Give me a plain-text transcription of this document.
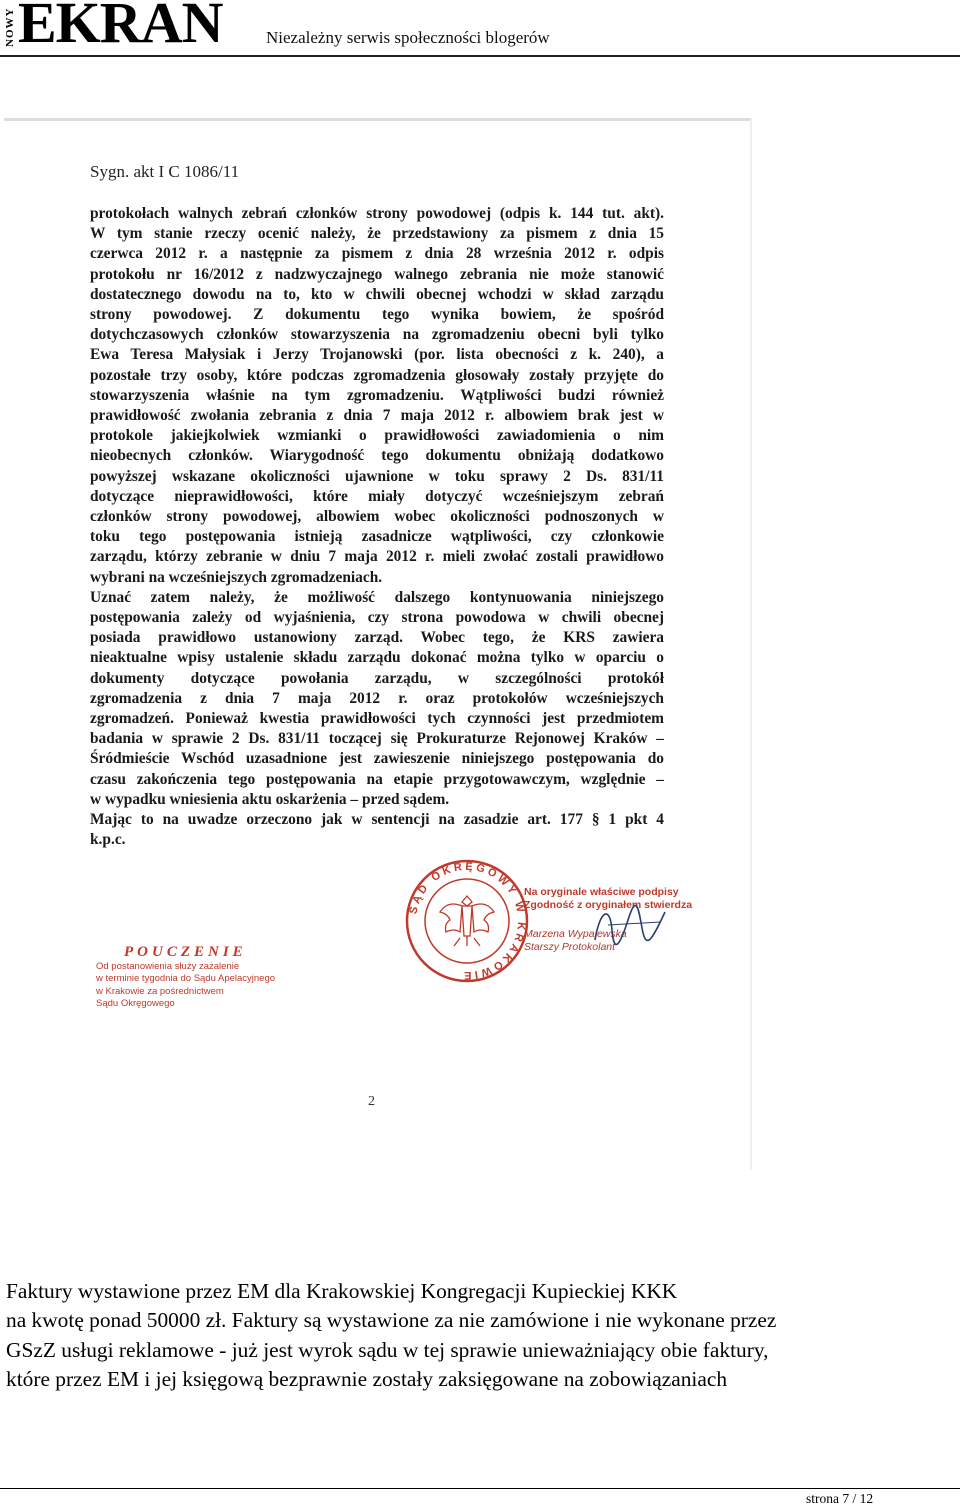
NOWY EKRAN	Niezależny serwis społeczności blogerów
Sygn. akt I C 1086/11
protokołach walnych zebrań członków strony powodowej (odpis k. 144 tut. akt).
W tym stanie rzeczy ocenić należy, że przedstawiony za pismem z dnia 15
czerwca 2012 r. a następnie za pismem z dnia 28 września 2012 r. odpis
protokołu nr 16/2012 z nadzwyczajnego walnego zebrania nie może stanowić
dostatecznego dowodu na to, kto w chwili obecnej wchodzi w skład zarządu
strony powodowej. Z dokumentu tego wynika bowiem, że spośród
dotychczasowych członków stowarzyszenia na zgromadzeniu obecni byli tylko
Ewa Teresa Małysiak i Jerzy Trojanowski (por. lista obecności z k. 240), a
pozostałe trzy osoby, które podczas zgromadzenia głosowały zostały przyjęte do
stowarzyszenia właśnie na tym zgromadzeniu. Wątpliwości budzi również
prawidłowość zwołania zebrania z dnia 7 maja 2012 r. albowiem brak jest w
protokole jakiejkolwiek wzmianki o prawidłowości zawiadomienia o nim
nieobecnych członków. Wiarygodność tego dokumentu obniżają dodatkowo
powyższej wskazane okoliczności ujawnione w toku sprawy 2 Ds. 831/11
dotyczące nieprawidłowości, które miały dotyczyć wcześniejszym zebrań
członków strony powodowej, albowiem wobec okoliczności podnoszonych w
toku tego postępowania istnieją zasadnicze wątpliwości, czy członkowie
zarządu, którzy zebranie w dniu 7 maja 2012 r. mieli zwołać zostali prawidłowo
wybrani na wcześniejszych zgromadzeniach.
Uznać zatem należy, że możliwość dalszego kontynuowania niniejszego
postępowania zależy od wyjaśnienia, czy strona powodowa w chwili obecnej
posiada prawidłowo ustanowiony zarząd. Wobec tego, że KRS zawiera
nieaktualne wpisy ustalenie składu zarządu dokonać można tylko w oparciu o
dokumenty dotyczące powołania zarządu, w szczególności protokół
zgromadzenia z dnia 7 maja 2012 r. oraz protokołów wcześniejszych
zgromadzeń. Ponieważ kwestia prawidłowości tych czynności jest przedmiotem
badania w sprawie 2 Ds. 831/11 toczącej się Prokuraturze Rejonowej Kraków –
Śródmieście Wschód uzasadnione jest zawieszenie niniejszego postępowania do
czasu zakończenia tego postępowania na etapie przygotowawczym, względnie –
w wypadku wniesienia aktu oskarżenia – przed sądem.
Mając to na uwadze orzeczono jak w sentencji na zasadzie art. 177 § 1 pkt 4
k.p.c.
SĄD OKRĘGOWY W KRAKOWIE
Na oryginale właściwe podpisy
Zgodność z oryginałem stwierdza
Marzena Wypalewska
Starszy Protokolant
POUCZENIE
Od postanowienia służy zażalenie
w terminie tygodnia do Sądu Apelacyjnego
w Krakowie za pośrednictwem
Sądu Okręgowego
2
Faktury wystawione przez EM dla Krakowskiej Kongregacji Kupieckiej KKK
na kwotę ponad 50000 zł. Faktury są wystawione za nie zamówione i nie wykonane przez
GSzZ usługi reklamowe - już jest wyrok sądu w tej sprawie unieważniający obie faktury,
które przez EM i jej księgową bezprawnie zostały zaksięgowane na zobowiązaniach
strona 7 / 12
